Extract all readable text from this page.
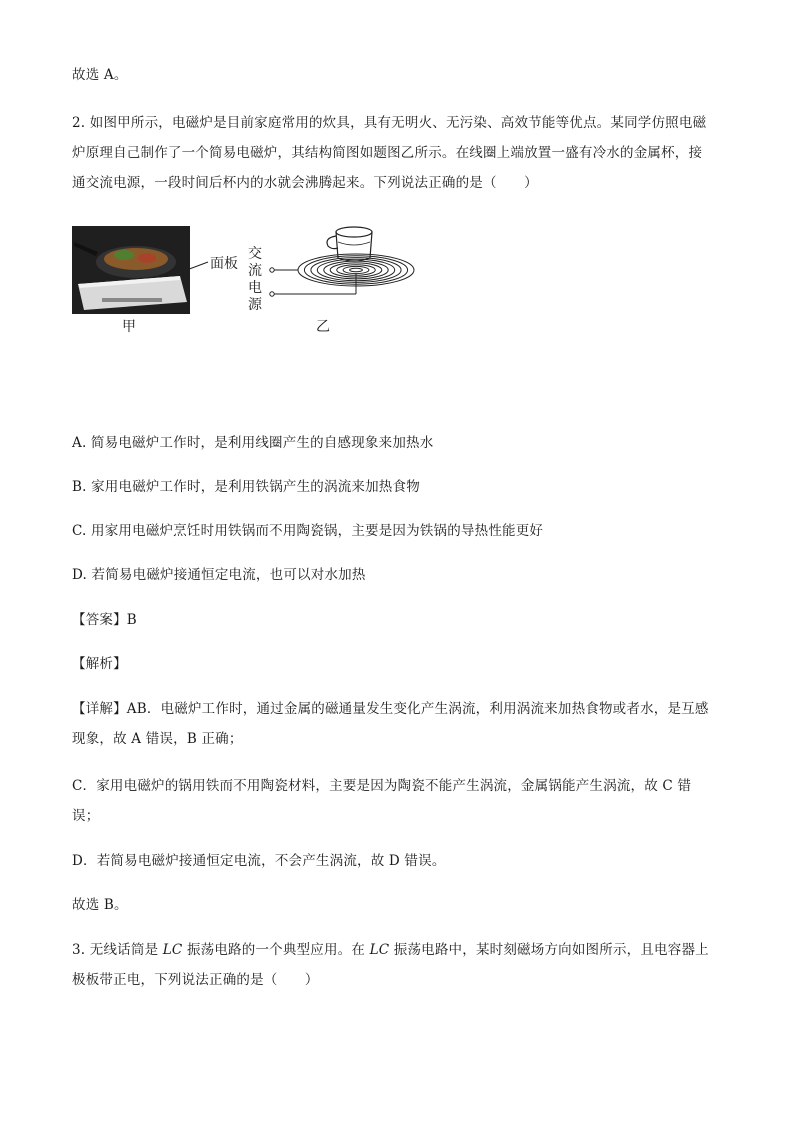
故选 A。
2. 如图甲所示，电磁炉是目前家庭常用的炊具，具有无明火、无污染、高效节能等优点。某同学仿照电磁
炉原理自己制作了一个简易电磁炉，其结构简图如题图乙所示。在线圈上端放置一盛有冷水的金属杯，接
通交流电源，一段时间后杯内的水就会沸腾起来。下列说法正确的是（　　）
面板
甲	乙
交
流
电
源
A. 简易电磁炉工作时，是利用线圈产生的自感现象来加热水
B. 家用电磁炉工作时，是利用铁锅产生的涡流来加热食物
C. 用家用电磁炉烹饪时用铁锅而不用陶瓷锅，主要是因为铁锅的导热性能更好
D. 若简易电磁炉接通恒定电流，也可以对水加热
【答案】B
【解析】
【详解】AB．电磁炉工作时，通过金属的磁通量发生变化产生涡流，利用涡流来加热食物或者水，是互感
现象，故 A 错误，B 正确；
C．家用电磁炉的锅用铁而不用陶瓷材料，主要是因为陶瓷不能产生涡流，金属锅能产生涡流，故 C 错
误；
D．若简易电磁炉接通恒定电流，不会产生涡流，故 D 错误。
故选 B。
3. 无线话筒是 LC 振荡电路的一个典型应用。在 LC 振荡电路中，某时刻磁场方向如图所示，且电容器上
极板带正电，下列说法正确的是（　　）
